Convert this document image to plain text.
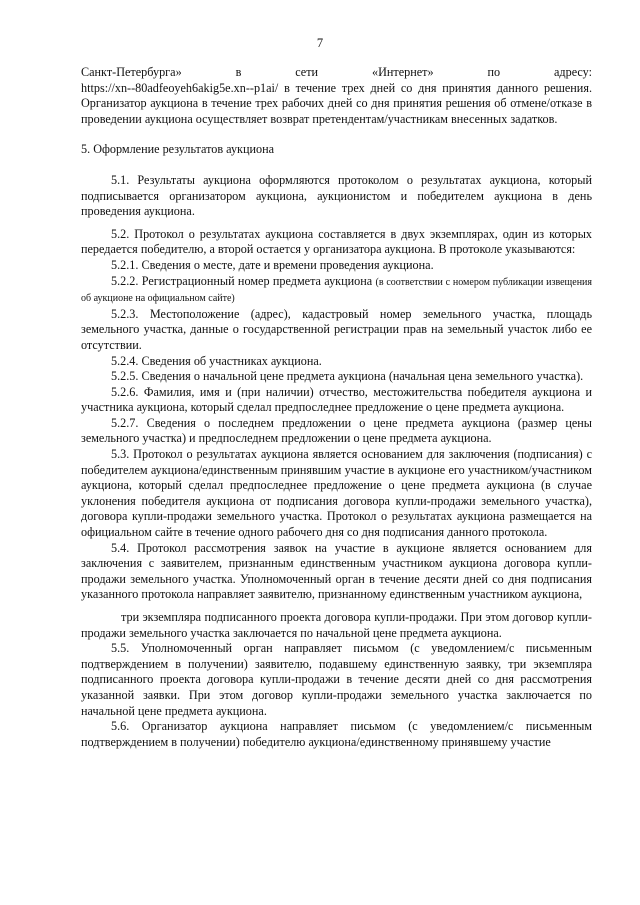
7

Санкт-Петербурга» в сети «Интернет» по адресу:

https://xn--80adfeoyeh6akig5e.xn--p1ai/ в течение трех дней со дня принятия данного решения. Организатор аукциона в течение трех рабочих дней со дня принятия решения об отмене/отказе в проведении аукциона осуществляет возврат претендентам/участникам внесенных задатков.

5. Оформление результатов аукциона

5.1. Результаты аукциона оформляются протоколом о результатах аукциона, который подписывается организатором аукциона, аукционистом и победителем аукциона в день проведения аукциона.

5.2. Протокол о результатах аукциона составляется в двух экземплярах, один из которых передается победителю, а второй остается у организатора аукциона. В протоколе указываются:

5.2.1. Сведения о месте, дате и времени проведения аукциона.

5.2.2. Регистрационный номер предмета аукциона (в соответствии с номером публикации извещения об аукционе на официальном сайте)

5.2.3. Местоположение (адрес), кадастровый номер земельного участка, площадь земельного участка, данные о государственной регистрации прав на земельный участок либо ее отсутствии.

5.2.4. Сведения об участниках аукциона.

5.2.5. Сведения о начальной цене предмета аукциона (начальная цена земельного участка).

5.2.6. Фамилия, имя и (при наличии) отчество, местожительства победителя аукциона и участника аукциона, который сделал предпоследнее предложение о цене предмета аукциона.

5.2.7. Сведения о последнем предложении о цене предмета аукциона (размер цены земельного участка) и предпоследнем предложении о цене предмета аукциона.

5.3. Протокол о результатах аукциона является основанием для заключения (подписания) с победителем аукциона/единственным принявшим участие в аукционе его участником/участником аукциона, который сделал предпоследнее предложение о цене предмета аукциона (в случае уклонения победителя аукциона от подписания договора купли-продажи земельного участка), договора купли-продажи земельного участка. Протокол о результатах аукциона размещается на официальном сайте в течение одного рабочего дня со дня подписания данного протокола.

5.4. Протокол рассмотрения заявок на участие в аукционе является основанием для заключения с заявителем, признанным единственным участником аукциона договора купли-продажи земельного участка. Уполномоченный орган в течение десяти дней со дня подписания указанного протокола направляет заявителю, признанному единственным участником аукциона,

три экземпляра подписанного проекта договора купли-продажи. При этом договор купли-продажи земельного участка заключается по начальной цене предмета аукциона.

5.5. Уполномоченный орган направляет письмом (с уведомлением/с письменным подтверждением в получении) заявителю, подавшему единственную заявку, три экземпляра подписанного проекта договора купли-продажи в течение десяти дней со дня рассмотрения указанной заявки. При этом договор купли-продажи земельного участка заключается по начальной цене предмета аукциона.

5.6. Организатор аукциона направляет письмом (с уведомлением/с письменным подтверждением в получении) победителю аукциона/единственному принявшему участие
